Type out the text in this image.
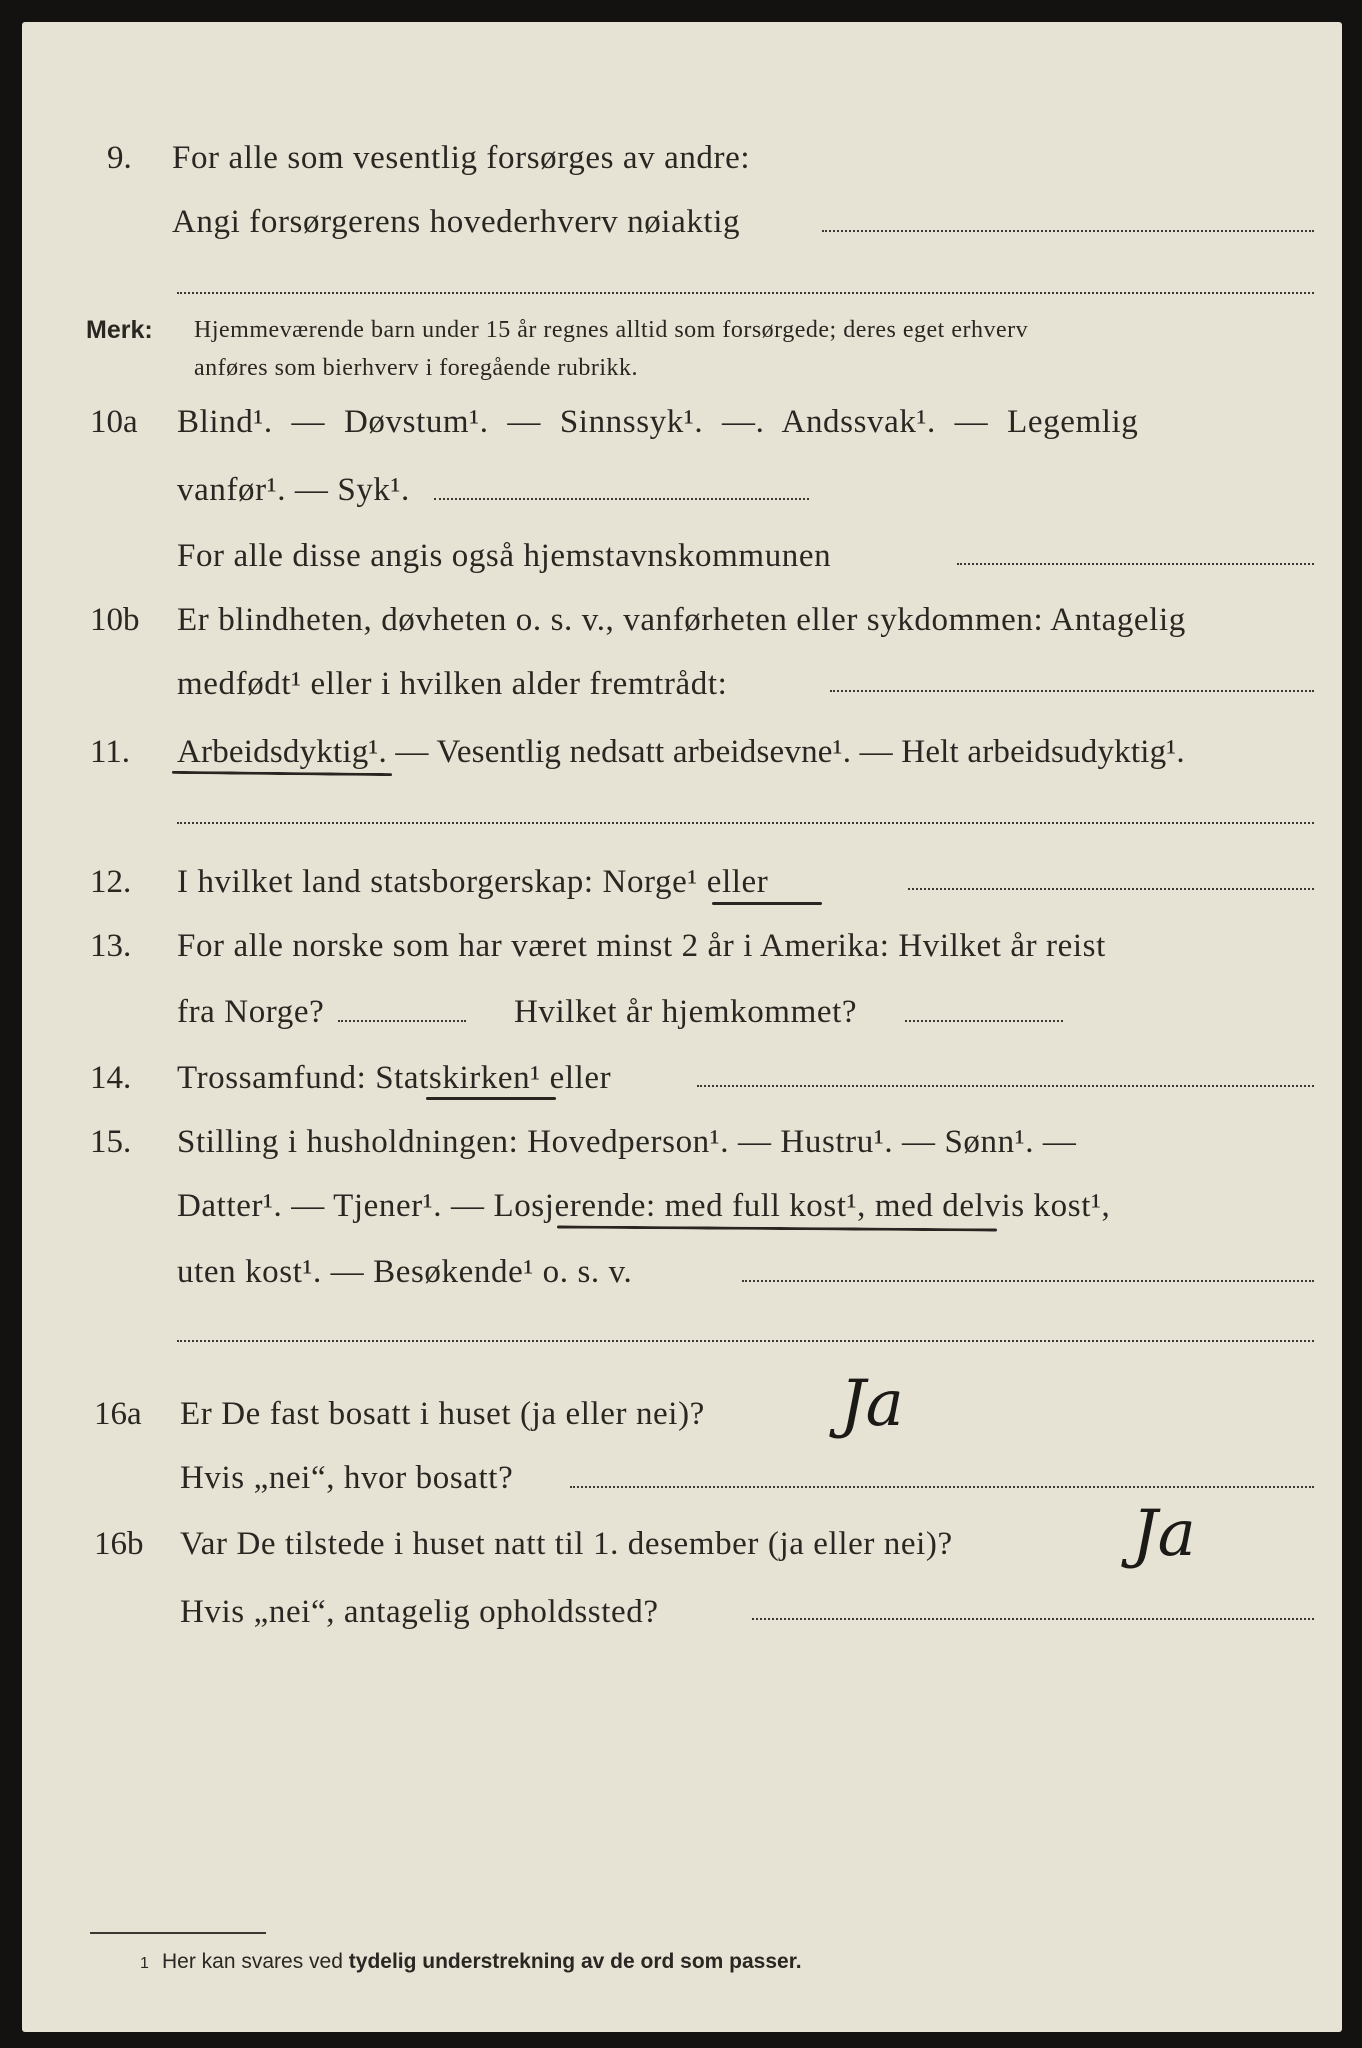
9. For alle som vesentlig forsørges av andre:
Angi forsørgerens hovederhverv nøiaktig
Merk: Hjemmeværende barn under 15 år regnes alltid som forsørgede; deres eget erhverv
anføres som bierhverv i foregående rubrikk.
10a Blind¹. — Døvstum¹. — Sinnssyk¹. —. Andssvak¹. — Legemlig
vanfør¹. — Syk¹.
For alle disse angis også hjemstavnskommunen
10b Er blindheten, døvheten o. s. v., vanførheten eller sykdommen: Antagelig
medfødt¹ eller i hvilken alder fremtrådt:
11. Arbeidsdyktig¹. — Vesentlig nedsatt arbeidsevne¹. — Helt arbeidsudyktig¹.
12. I hvilket land statsborgerskap: Norge¹ eller
13. For alle norske som har været minst 2 år i Amerika: Hvilket år reist
fra Norge?	Hvilket år hjemkommet?
14. Trossamfund: Statskirken¹ eller
15. Stilling i husholdningen: Hovedperson¹. — Hustru¹. — Sønn¹. —
Datter¹. — Tjener¹. — Losjerende: med full kost¹, med delvis kost¹,
uten kost¹. — Besøkende¹ o. s. v.
16a Er De fast bosatt i huset (ja eller nei)? Ja
Hvis „nei“, hvor bosatt?
16b Var De tilstede i huset natt til 1. desember (ja eller nei)?	Ja
Hvis „nei“, antagelig opholdssted?
1 Her kan svares ved tydelig understrekning av de ord som passer.
